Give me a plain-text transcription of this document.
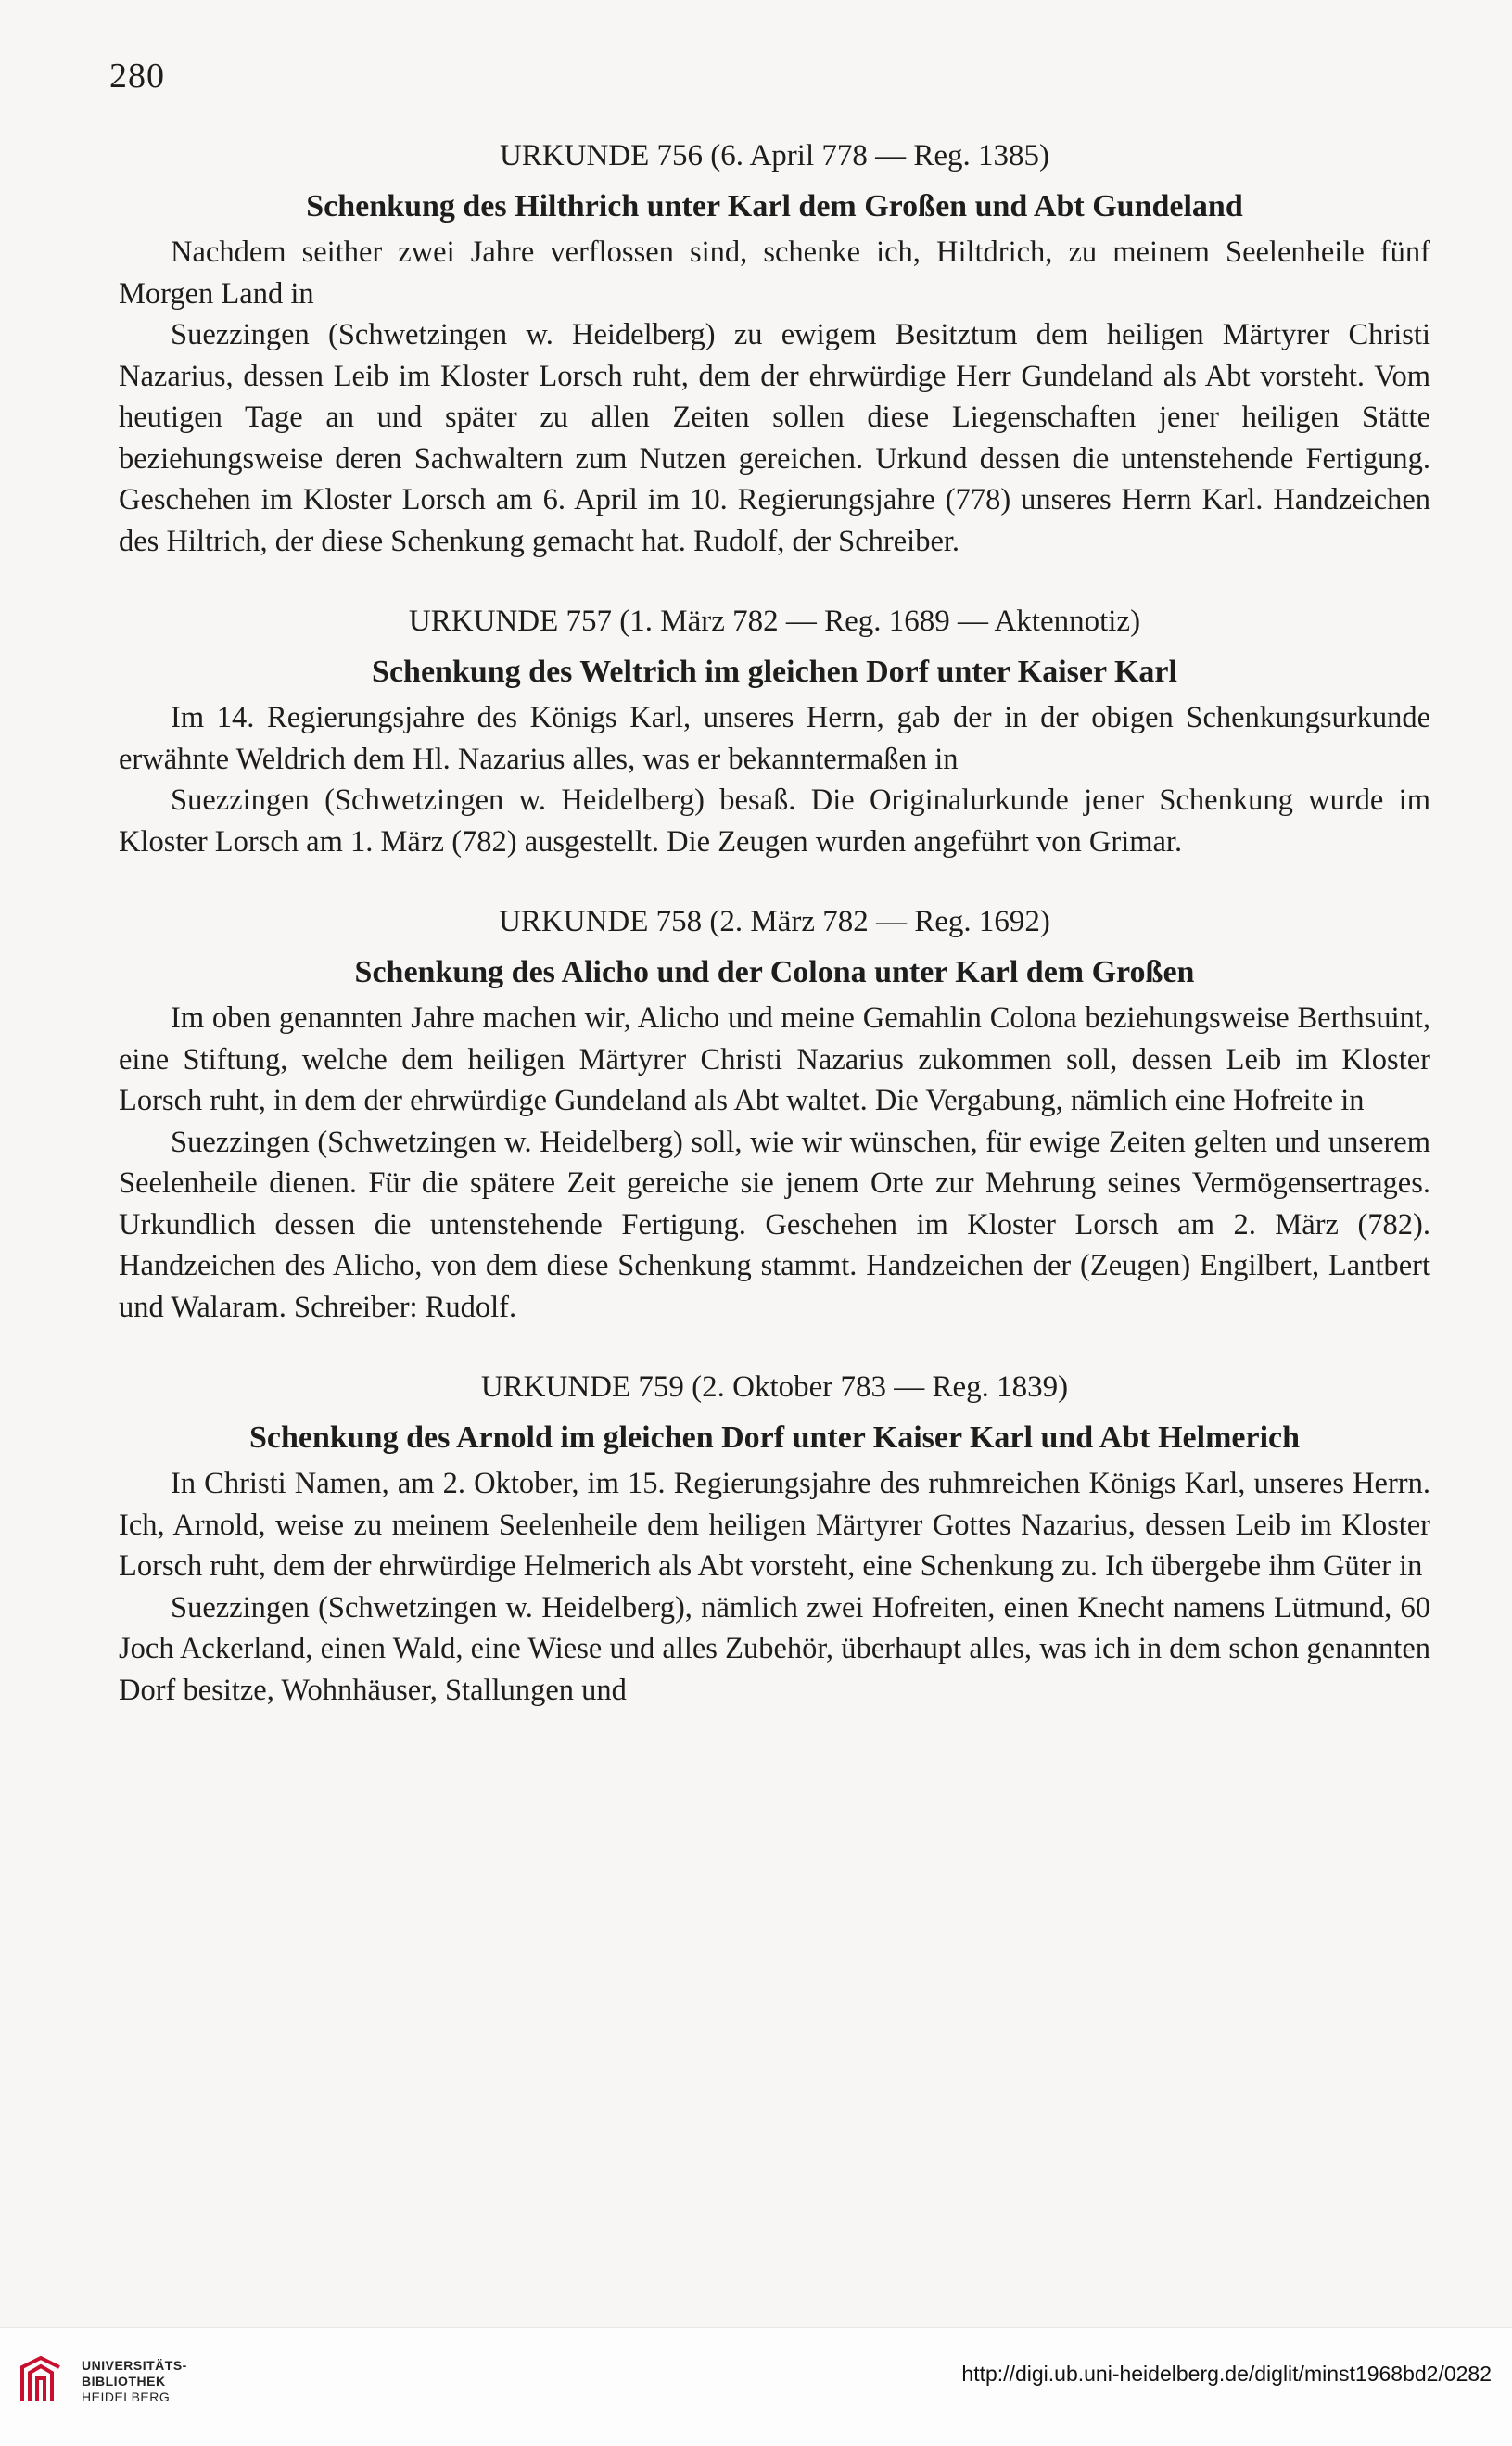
280

URKUNDE 756 (6. April 778 — Reg. 1385)

Schenkung des Hilthrich unter Karl dem Großen und Abt Gundeland

Nachdem seither zwei Jahre verflossen sind, schenke ich, Hiltdrich, zu meinem Seelenheile fünf Morgen Land in

Suezzingen (Schwetzingen w. Heidelberg) zu ewigem Besitztum dem heiligen Märtyrer Christi Nazarius, dessen Leib im Kloster Lorsch ruht, dem der ehrwürdige Herr Gundeland als Abt vorsteht. Vom heutigen Tage an und später zu allen Zeiten sollen diese Liegenschaften jener heiligen Stätte beziehungsweise deren Sachwaltern zum Nutzen gereichen. Urkund dessen die untenstehende Fertigung. Geschehen im Kloster Lorsch am 6. April im 10. Regierungsjahre (778) unseres Herrn Karl. Handzeichen des Hiltrich, der diese Schenkung gemacht hat. Rudolf, der Schreiber.

URKUNDE 757 (1. März 782 — Reg. 1689 — Aktennotiz)

Schenkung des Weltrich im gleichen Dorf unter Kaiser Karl

Im 14. Regierungsjahre des Königs Karl, unseres Herrn, gab der in der obigen Schenkungsurkunde erwähnte Weldrich dem Hl. Nazarius alles, was er bekanntermaßen in

Suezzingen (Schwetzingen w. Heidelberg) besaß. Die Originalurkunde jener Schenkung wurde im Kloster Lorsch am 1. März (782) ausgestellt. Die Zeugen wurden angeführt von Grimar.

URKUNDE 758 (2. März 782 — Reg. 1692)

Schenkung des Alicho und der Colona unter Karl dem Großen

Im oben genannten Jahre machen wir, Alicho und meine Gemahlin Colona beziehungsweise Berthsuint, eine Stiftung, welche dem heiligen Märtyrer Christi Nazarius zukommen soll, dessen Leib im Kloster Lorsch ruht, in dem der ehrwürdige Gundeland als Abt waltet. Die Vergabung, nämlich eine Hofreite in

Suezzingen (Schwetzingen w. Heidelberg) soll, wie wir wünschen, für ewige Zeiten gelten und unserem Seelenheile dienen. Für die spätere Zeit gereiche sie jenem Orte zur Mehrung seines Vermögensertrages. Urkundlich dessen die untenstehende Fertigung. Geschehen im Kloster Lorsch am 2. März (782). Handzeichen des Alicho, von dem diese Schenkung stammt. Handzeichen der (Zeugen) Engilbert, Lantbert und Walaram. Schreiber: Rudolf.

URKUNDE 759 (2. Oktober 783 — Reg. 1839)

Schenkung des Arnold im gleichen Dorf unter Kaiser Karl und Abt Helmerich

In Christi Namen, am 2. Oktober, im 15. Regierungsjahre des ruhmreichen Königs Karl, unseres Herrn. Ich, Arnold, weise zu meinem Seelenheile dem heiligen Märtyrer Gottes Nazarius, dessen Leib im Kloster Lorsch ruht, dem der ehrwürdige Helmerich als Abt vorsteht, eine Schenkung zu. Ich übergebe ihm Güter in

Suezzingen (Schwetzingen w. Heidelberg), nämlich zwei Hofreiten, einen Knecht namens Lütmund, 60 Joch Ackerland, einen Wald, eine Wiese und alles Zubehör, überhaupt alles, was ich in dem schon genannten Dorf besitze, Wohnhäuser, Stallungen und

UNIVERSITÄTS-
BIBLIOTHEK
HEIDELBERG
http://digi.ub.uni-heidelberg.de/diglit/minst1968bd2/0282
